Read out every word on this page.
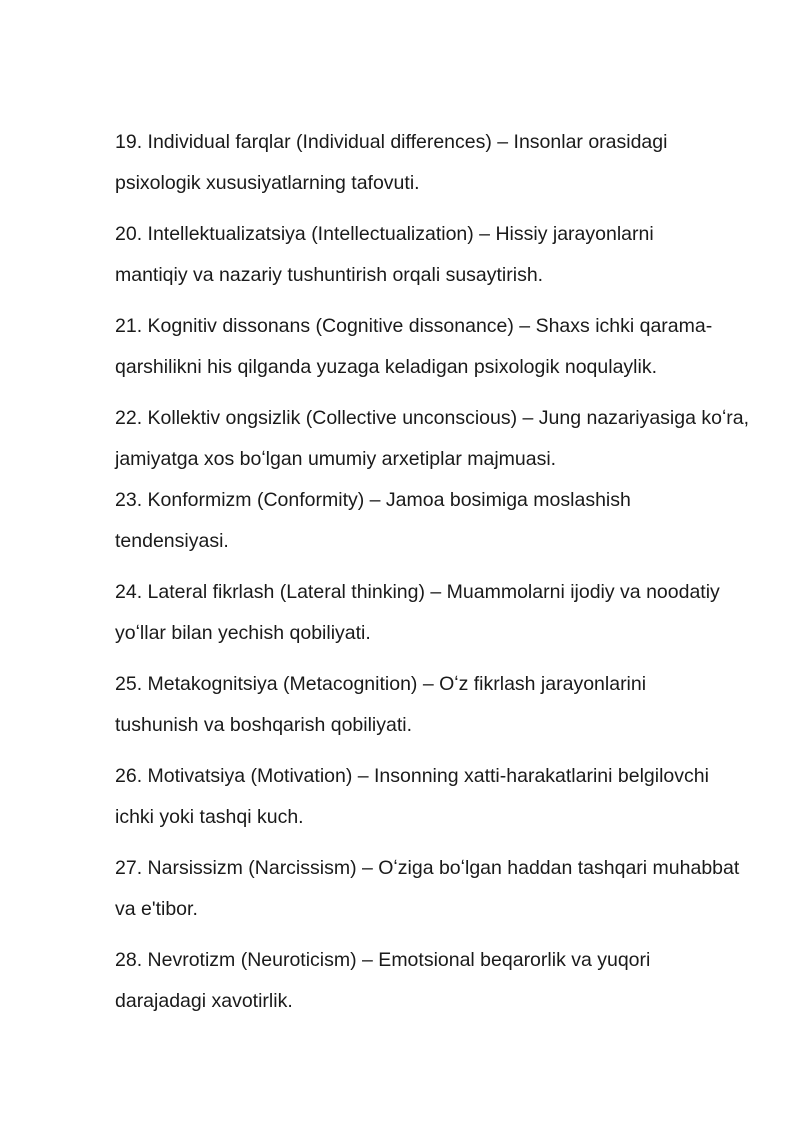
19. Individual farqlar (Individual differences) – Insonlar orasidagi
psixologik xususiyatlarning tafovuti.

20. Intellektualizatsiya (Intellectualization) – Hissiy jarayonlarni
mantiqiy va nazariy tushuntirish orqali susaytirish.

21. Kognitiv dissonans (Cognitive dissonance) – Shaxs ichki qarama-
qarshilikni his qilganda yuzaga keladigan psixologik noqulaylik.

22. Kollektiv ongsizlik (Collective unconscious) – Jung nazariyasiga koʻra,
jamiyatga xos boʻlgan umumiy arxetiplar majmuasi.

23. Konformizm (Conformity) – Jamoa bosimiga moslashish
tendensiyasi.

24. Lateral fikrlash (Lateral thinking) – Muammolarni ijodiy va noodatiy
yoʻllar bilan yechish qobiliyati.

25. Metakognitsiya (Metacognition) – Oʻz fikrlash jarayonlarini
tushunish va boshqarish qobiliyati.

26. Motivatsiya (Motivation) – Insonning xatti-harakatlarini belgilovchi
ichki yoki tashqi kuch.

27. Narsissizm (Narcissism) – Oʻziga boʻlgan haddan tashqari muhabbat
va e'tibor.

28. Nevrotizm (Neuroticism) – Emotsional beqarorlik va yuqori
darajadagi xavotirlik.
